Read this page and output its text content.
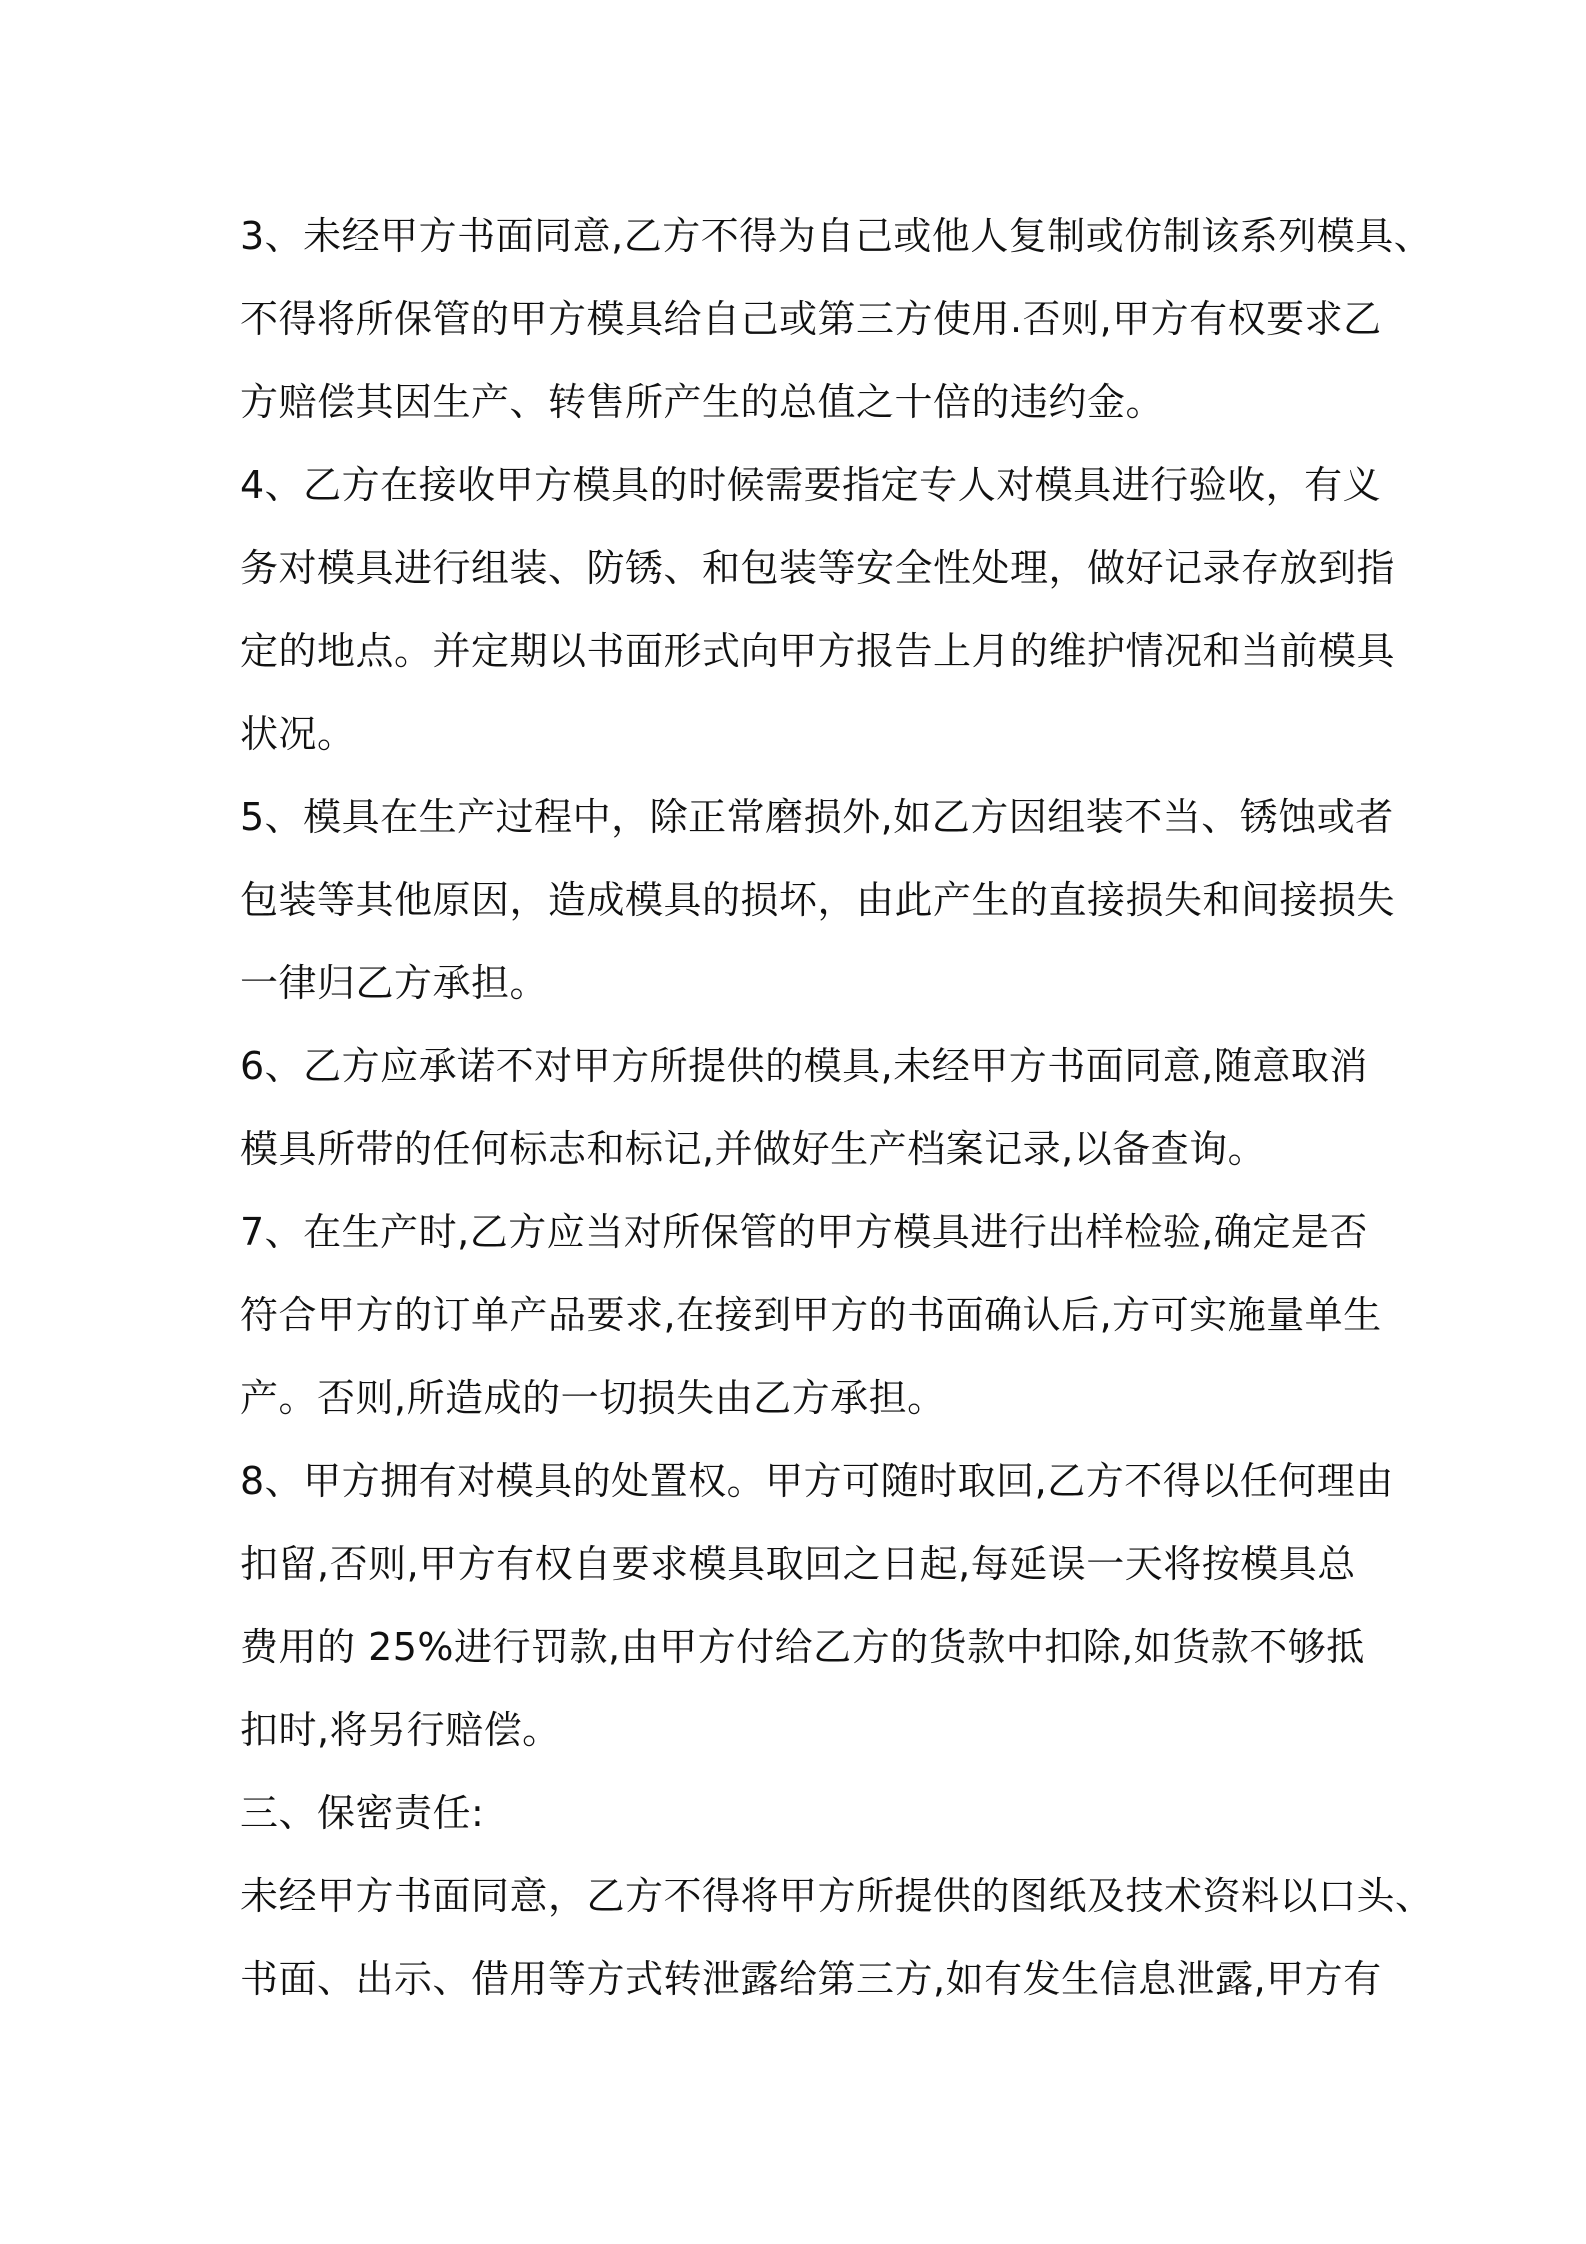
3、未经甲方书面同意,乙方不得为自己或他人复制或仿制该系列模具、
不得将所保管的甲方模具给自己或第三方使用.否则,甲方有权要求乙
方赔偿其因生产、转售所产生的总值之十倍的违约金。
4、乙方在接收甲方模具的时候需要指定专人对模具进行验收，有义
务对模具进行组装、防锈、和包装等安全性处理，做好记录存放到指
定的地点。并定期以书面形式向甲方报告上月的维护情况和当前模具
状况。
5、模具在生产过程中，除正常磨损外,如乙方因组装不当、锈蚀或者
包装等其他原因，造成模具的损坏，由此产生的直接损失和间接损失
一律归乙方承担。
6、乙方应承诺不对甲方所提供的模具,未经甲方书面同意,随意取消
模具所带的任何标志和标记,并做好生产档案记录,以备查询。
7、在生产时,乙方应当对所保管的甲方模具进行出样检验,确定是否
符合甲方的订单产品要求,在接到甲方的书面确认后,方可实施量单生
产。否则,所造成的一切损失由乙方承担。
8、甲方拥有对模具的处置权。甲方可随时取回,乙方不得以任何理由
扣留,否则,甲方有权自要求模具取回之日起,每延误一天将按模具总
费用的 25%进行罚款,由甲方付给乙方的货款中扣除,如货款不够抵
扣时,将另行赔偿。
三、保密责任:
未经甲方书面同意，乙方不得将甲方所提供的图纸及技术资料以口头、
书面、出示、借用等方式转泄露给第三方,如有发生信息泄露,甲方有
